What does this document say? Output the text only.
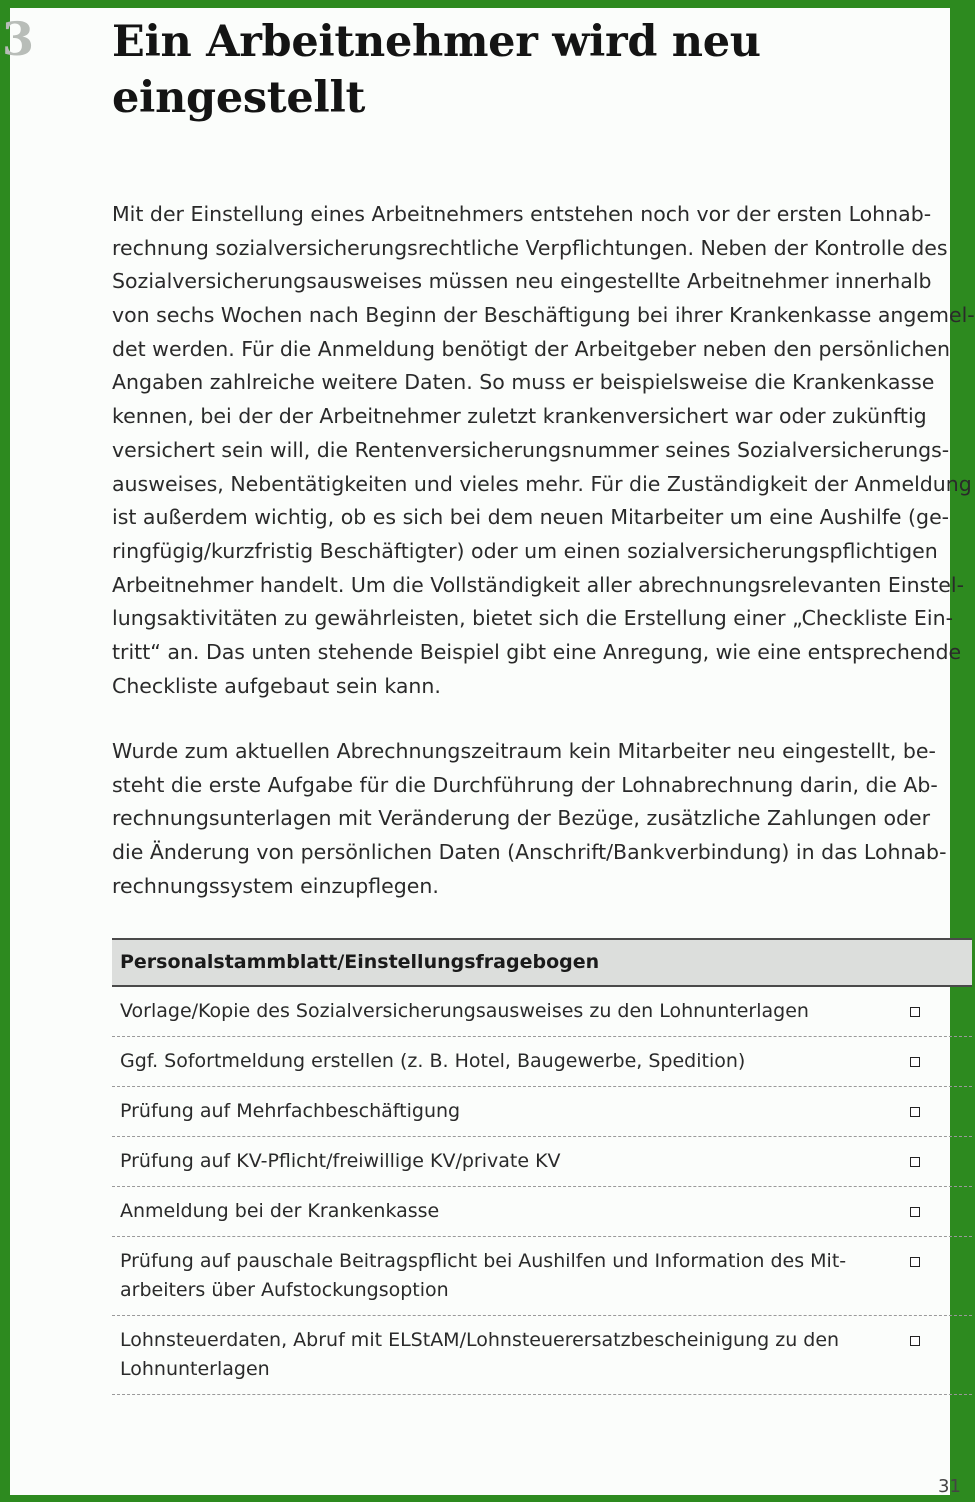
3 Ein Arbeitnehmer wird neu
eingestellt
Mit der Einstellung eines Arbeitnehmers entstehen noch vor der ersten Lohnab-
rechnung sozialversicherungsrechtliche Verpflichtungen. Neben der Kontrolle des
Sozialversicherungsausweises müssen neu eingestellte Arbeitnehmer innerhalb
von sechs Wochen nach Beginn der Beschäftigung bei ihrer Krankenkasse angemel-
det werden. Für die Anmeldung benötigt der Arbeitgeber neben den persönlichen
Angaben zahlreiche weitere Daten. So muss er beispielsweise die Krankenkasse
kennen, bei der der Arbeitnehmer zuletzt krankenversichert war oder zukünftig
versichert sein will, die Rentenversicherungsnummer seines Sozialversicherungs-
ausweises, Nebentätigkeiten und vieles mehr. Für die Zuständigkeit der Anmeldung
ist außerdem wichtig, ob es sich bei dem neuen Mitarbeiter um eine Aushilfe (ge-
ringfügig/kurzfristig Beschäftigter) oder um einen sozialversicherungspflichtigen
Arbeitnehmer handelt. Um die Vollständigkeit aller abrechnungsrelevanten Einstel-
lungsaktivitäten zu gewährleisten, bietet sich die Erstellung einer „Checkliste Ein-
tritt“ an. Das unten stehende Beispiel gibt eine Anregung, wie eine entsprechende
Checkliste aufgebaut sein kann.
Wurde zum aktuellen Abrechnungszeitraum kein Mitarbeiter neu eingestellt, be-
steht die erste Aufgabe für die Durchführung der Lohnabrechnung darin, die Ab-
rechnungsunterlagen mit Veränderung der Bezüge, zusätzliche Zahlungen oder
die Änderung von persönlichen Daten (Anschrift/Bankverbindung) in das Lohnab-
rechnungssystem einzupflegen.
Personalstammblatt/Einstellungsfragebogen
Vorlage/Kopie des Sozialversicherungsausweises zu den Lohnunterlagen
Ggf. Sofortmeldung erstellen (z. B. Hotel, Baugewerbe, Spedition)
Prüfung auf Mehrfachbeschäftigung
Prüfung auf KV-Pflicht/freiwillige KV/private KV
Anmeldung bei der Krankenkasse
Prüfung auf pauschale Beitragspflicht bei Aushilfen und Information des Mit-
arbeiters über Aufstockungsoption
Lohnsteuerdaten, Abruf mit ELStAM/Lohnsteuerersatzbescheinigung zu den
Lohnunterlagen
31
